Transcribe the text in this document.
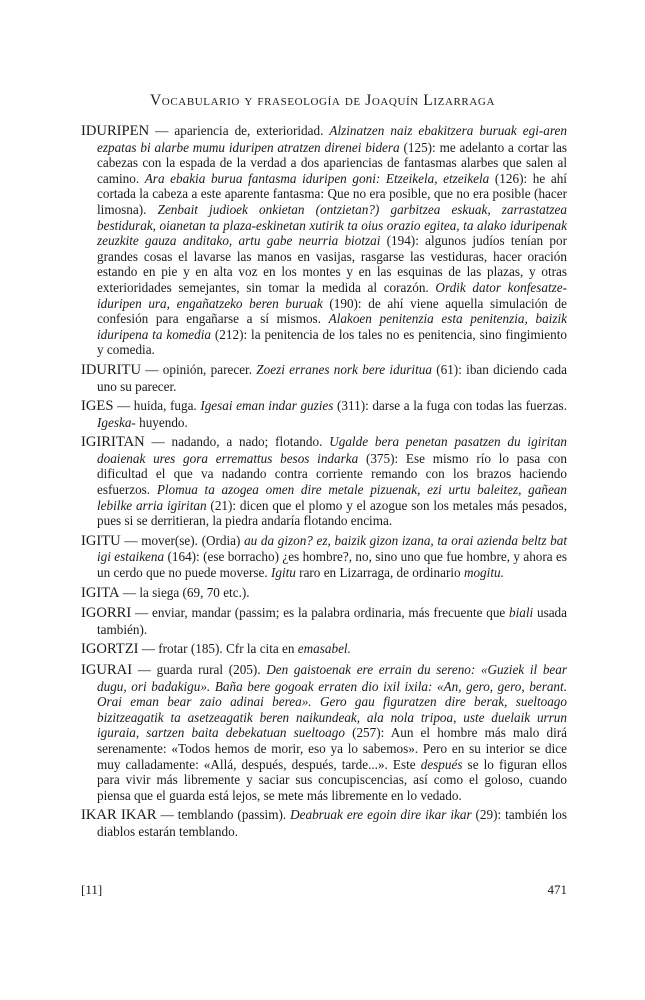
Vocabulario y fraseología de Joaquín Lizarraga

IDURIPEN — apariencia de, exterioridad. Alzinatzen naiz ebakitzera buruak egi-aren ezpatas bi alarbe mumu iduripen atratzen direnei bidera (125): me adelanto a cortar las cabezas con la espada de la verdad a dos apariencias de fantasmas alarbes que salen al camino. Ara ebakia burua fantasma iduripen goni: Etzeikela, etzeikela (126): he ahí cortada la cabeza a este aparente fantasma: Que no era posible, que no era posible (hacer limosna). Zenbait judioek onkietan (ontzietan?) garbitzea eskuak, zarrastatzea bestidurak, oianetan ta plaza-eskinetan xutirik ta oius orazio egitea, ta alako iduripenak zeuzkite gauza anditako, artu gabe neurria biotzai (194): algunos judíos tenían por grandes cosas el lavarse las manos en vasijas, rasgarse las vestiduras, hacer oración estando en pie y en alta voz en los montes y en las esquinas de las plazas, y otras exterioridades semejantes, sin tomar la medida al corazón. Ordik dator konfesatze-iduripen ura, engañatzeko beren buruak (190): de ahí viene aquella simulación de confesión para engañarse a sí mismos. Alakoen penitenzia esta penitenzia, baizik iduripena ta komedia (212): la penitencia de los tales no es penitencia, sino fingimiento y comedia.

IDURITU — opinión, parecer. Zoezi erranes nork bere iduritua (61): iban diciendo cada uno su parecer.

IGES — huida, fuga. Igesai eman indar guzies (311): darse a la fuga con todas las fuerzas. Igeska- huyendo.

IGIRITAN — nadando, a nado; flotando. Ugalde bera penetan pasatzen du igiritan doaienak ures gora erremattus besos indarka (375): Ese mismo río lo pasa con dificultad el que va nadando contra corriente remando con los brazos haciendo esfuerzos. Plomua ta azogea omen dire metale pizuenak, ezi urtu baleitez, gañean lebilke arria igiritan (21): dicen que el plomo y el azogue son los metales más pesados, pues si se derritieran, la piedra andaría flotando encima.

IGITU — mover(se). (Ordia) au da gizon? ez, baizik gizon izana, ta orai azienda beltz bat igi estaikena (164): (ese borracho) ¿es hombre?, no, sino uno que fue hombre, y ahora es un cerdo que no puede moverse. Igitu raro en Lizarraga, de ordinario mogitu.

IGITA — la siega (69, 70 etc.).

IGORRI — enviar, mandar (passim; es la palabra ordinaria, más frecuente que biali usada también).

IGORTZI — frotar (185). Cfr la cita en emasabel.

IGURAI — guarda rural (205). Den gaistoenak ere errain du sereno: «Guziek il bear dugu, ori badakigu». Baña bere gogoak erraten dio ixil ixila: «An, gero, gero, berant. Orai eman bear zaio adinai berea». Gero gau figuratzen dire berak, sueltoago bizitzeagatik ta asetzeagatik beren naikundeak, ala nola tripoa, uste duelaik urrun iguraia, sartzen baita debekatuan sueltoago (257): Aun el hombre más malo dirá serenamente: «Todos hemos de morir, eso ya lo sabemos». Pero en su interior se dice muy calladamente: «Allá, después, después, tarde...». Este después se lo figuran ellos para vivir más libremente y saciar sus concupiscencias, así como el goloso, cuando piensa que el guarda está lejos, se mete más libremente en lo vedado.

IKAR IKAR — temblando (passim). Deabruak ere egoin dire ikar ikar (29): también los diablos estarán temblando.

[11]	471
